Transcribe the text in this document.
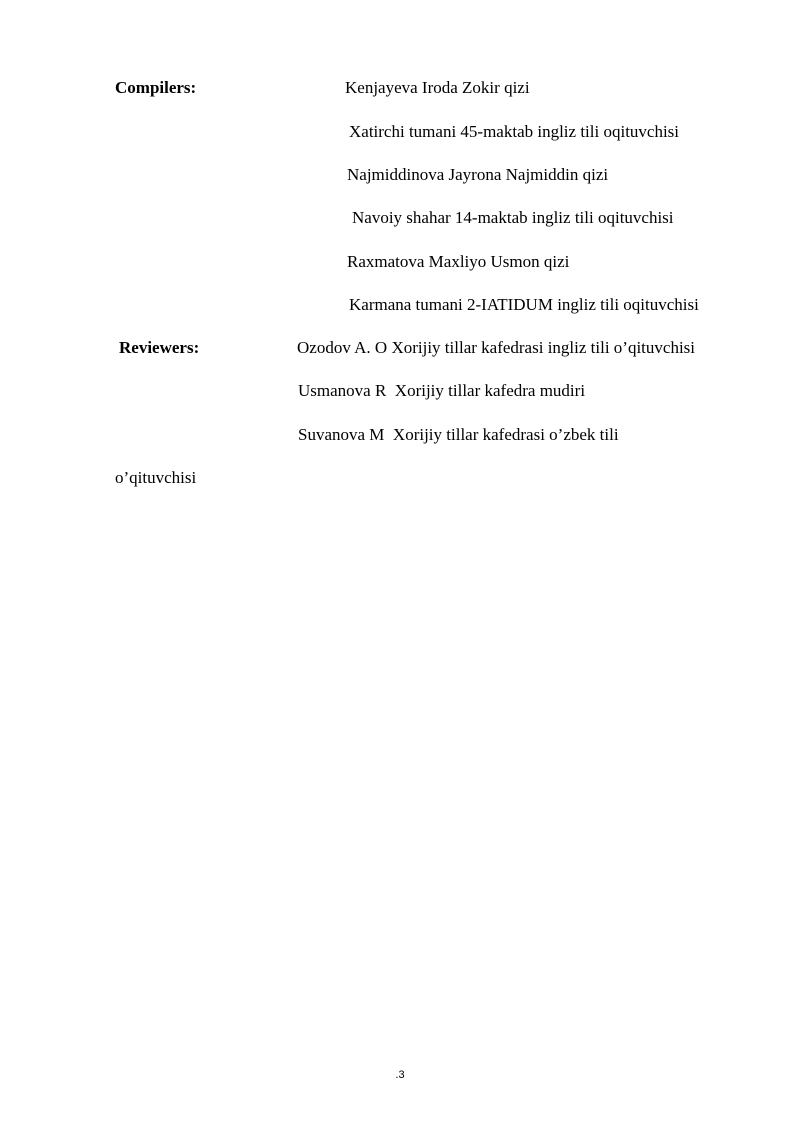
Compilers:	Kenjayeva Iroda Zokir qizi
Xatirchi tumani 45-maktab ingliz tili oqituvchisi
Najmiddinova Jayrona Najmiddin qizi
Navoiy shahar 14-maktab ingliz tili oqituvchisi
Raxmatova Maxliyo Usmon qizi
Karmana tumani 2-IATIDUM ingliz tili oqituvchisi
Reviewers:	Ozodov A. O Xorijiy tillar kafedrasi ingliz tili o’qituvchisi
Usmanova R  Xorijiy tillar kafedra mudiri
Suvanova M  Xorijiy tillar kafedrasi o’zbek tili
o’qituvchisi
.3
